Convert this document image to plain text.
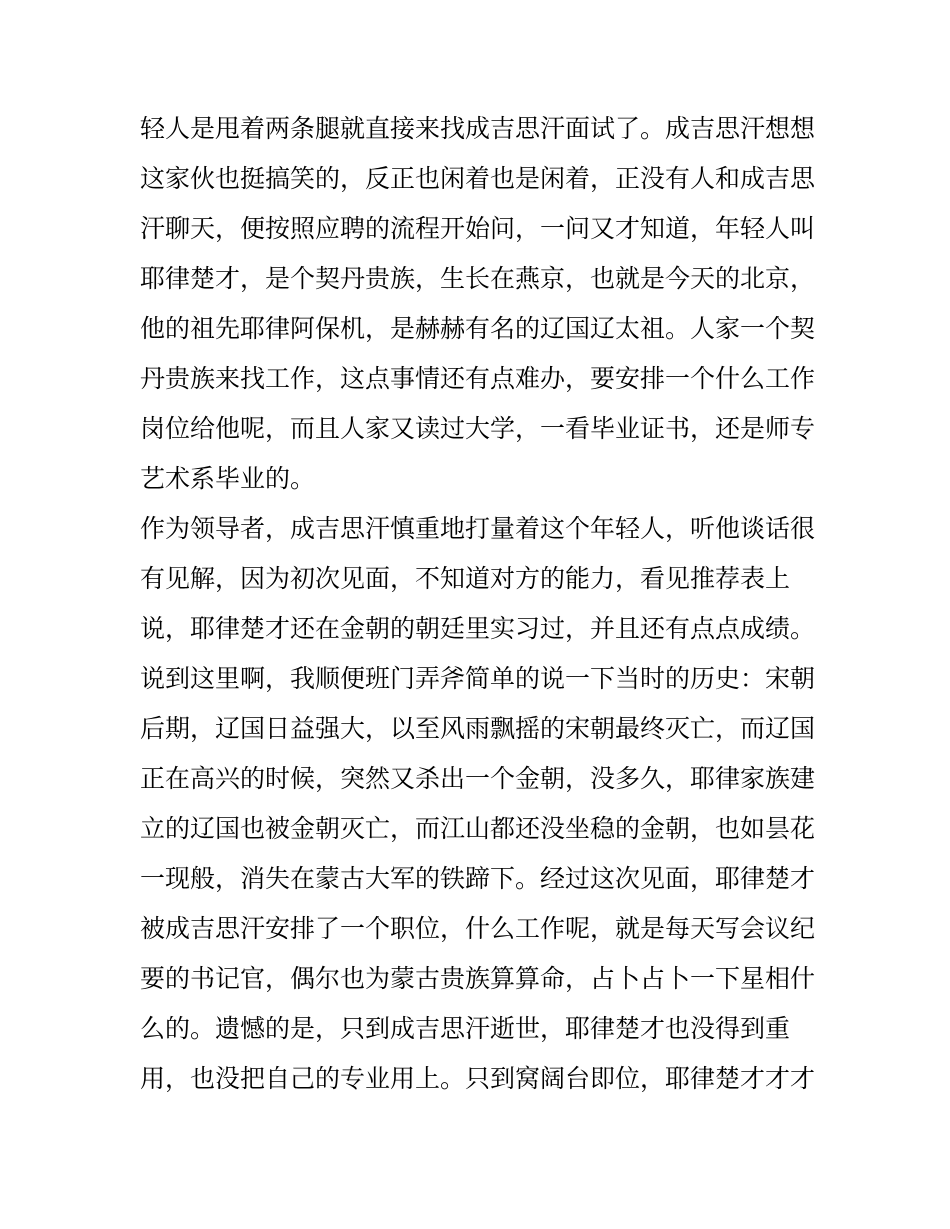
轻人是甩着两条腿就直接来找成吉思汗面试了。成吉思汗想想
这家伙也挺搞笑的，反正也闲着也是闲着，正没有人和成吉思
汗聊天，便按照应聘的流程开始问，一问又才知道，年轻人叫
耶律楚才，是个契丹贵族，生长在燕京，也就是今天的北京，
他的祖先耶律阿保机，是赫赫有名的辽国辽太祖。人家一个契
丹贵族来找工作，这点事情还有点难办，要安排一个什么工作
岗位给他呢，而且人家又读过大学，一看毕业证书，还是师专
艺术系毕业的。
作为领导者，成吉思汗慎重地打量着这个年轻人，听他谈话很
有见解，因为初次见面，不知道对方的能力，看见推荐表上
说，耶律楚才还在金朝的朝廷里实习过，并且还有点点成绩。
说到这里啊，我顺便班门弄斧简单的说一下当时的历史：宋朝
后期，辽国日益强大，以至风雨飘摇的宋朝最终灭亡，而辽国
正在高兴的时候，突然又杀出一个金朝，没多久，耶律家族建
立的辽国也被金朝灭亡，而江山都还没坐稳的金朝，也如昙花
一现般，消失在蒙古大军的铁蹄下。经过这次见面，耶律楚才
被成吉思汗安排了一个职位，什么工作呢，就是每天写会议纪
要的书记官，偶尔也为蒙古贵族算算命，占卜占卜一下星相什
么的。遗憾的是，只到成吉思汗逝世，耶律楚才也没得到重
用，也没把自己的专业用上。只到窝阔台即位，耶律楚才才才
